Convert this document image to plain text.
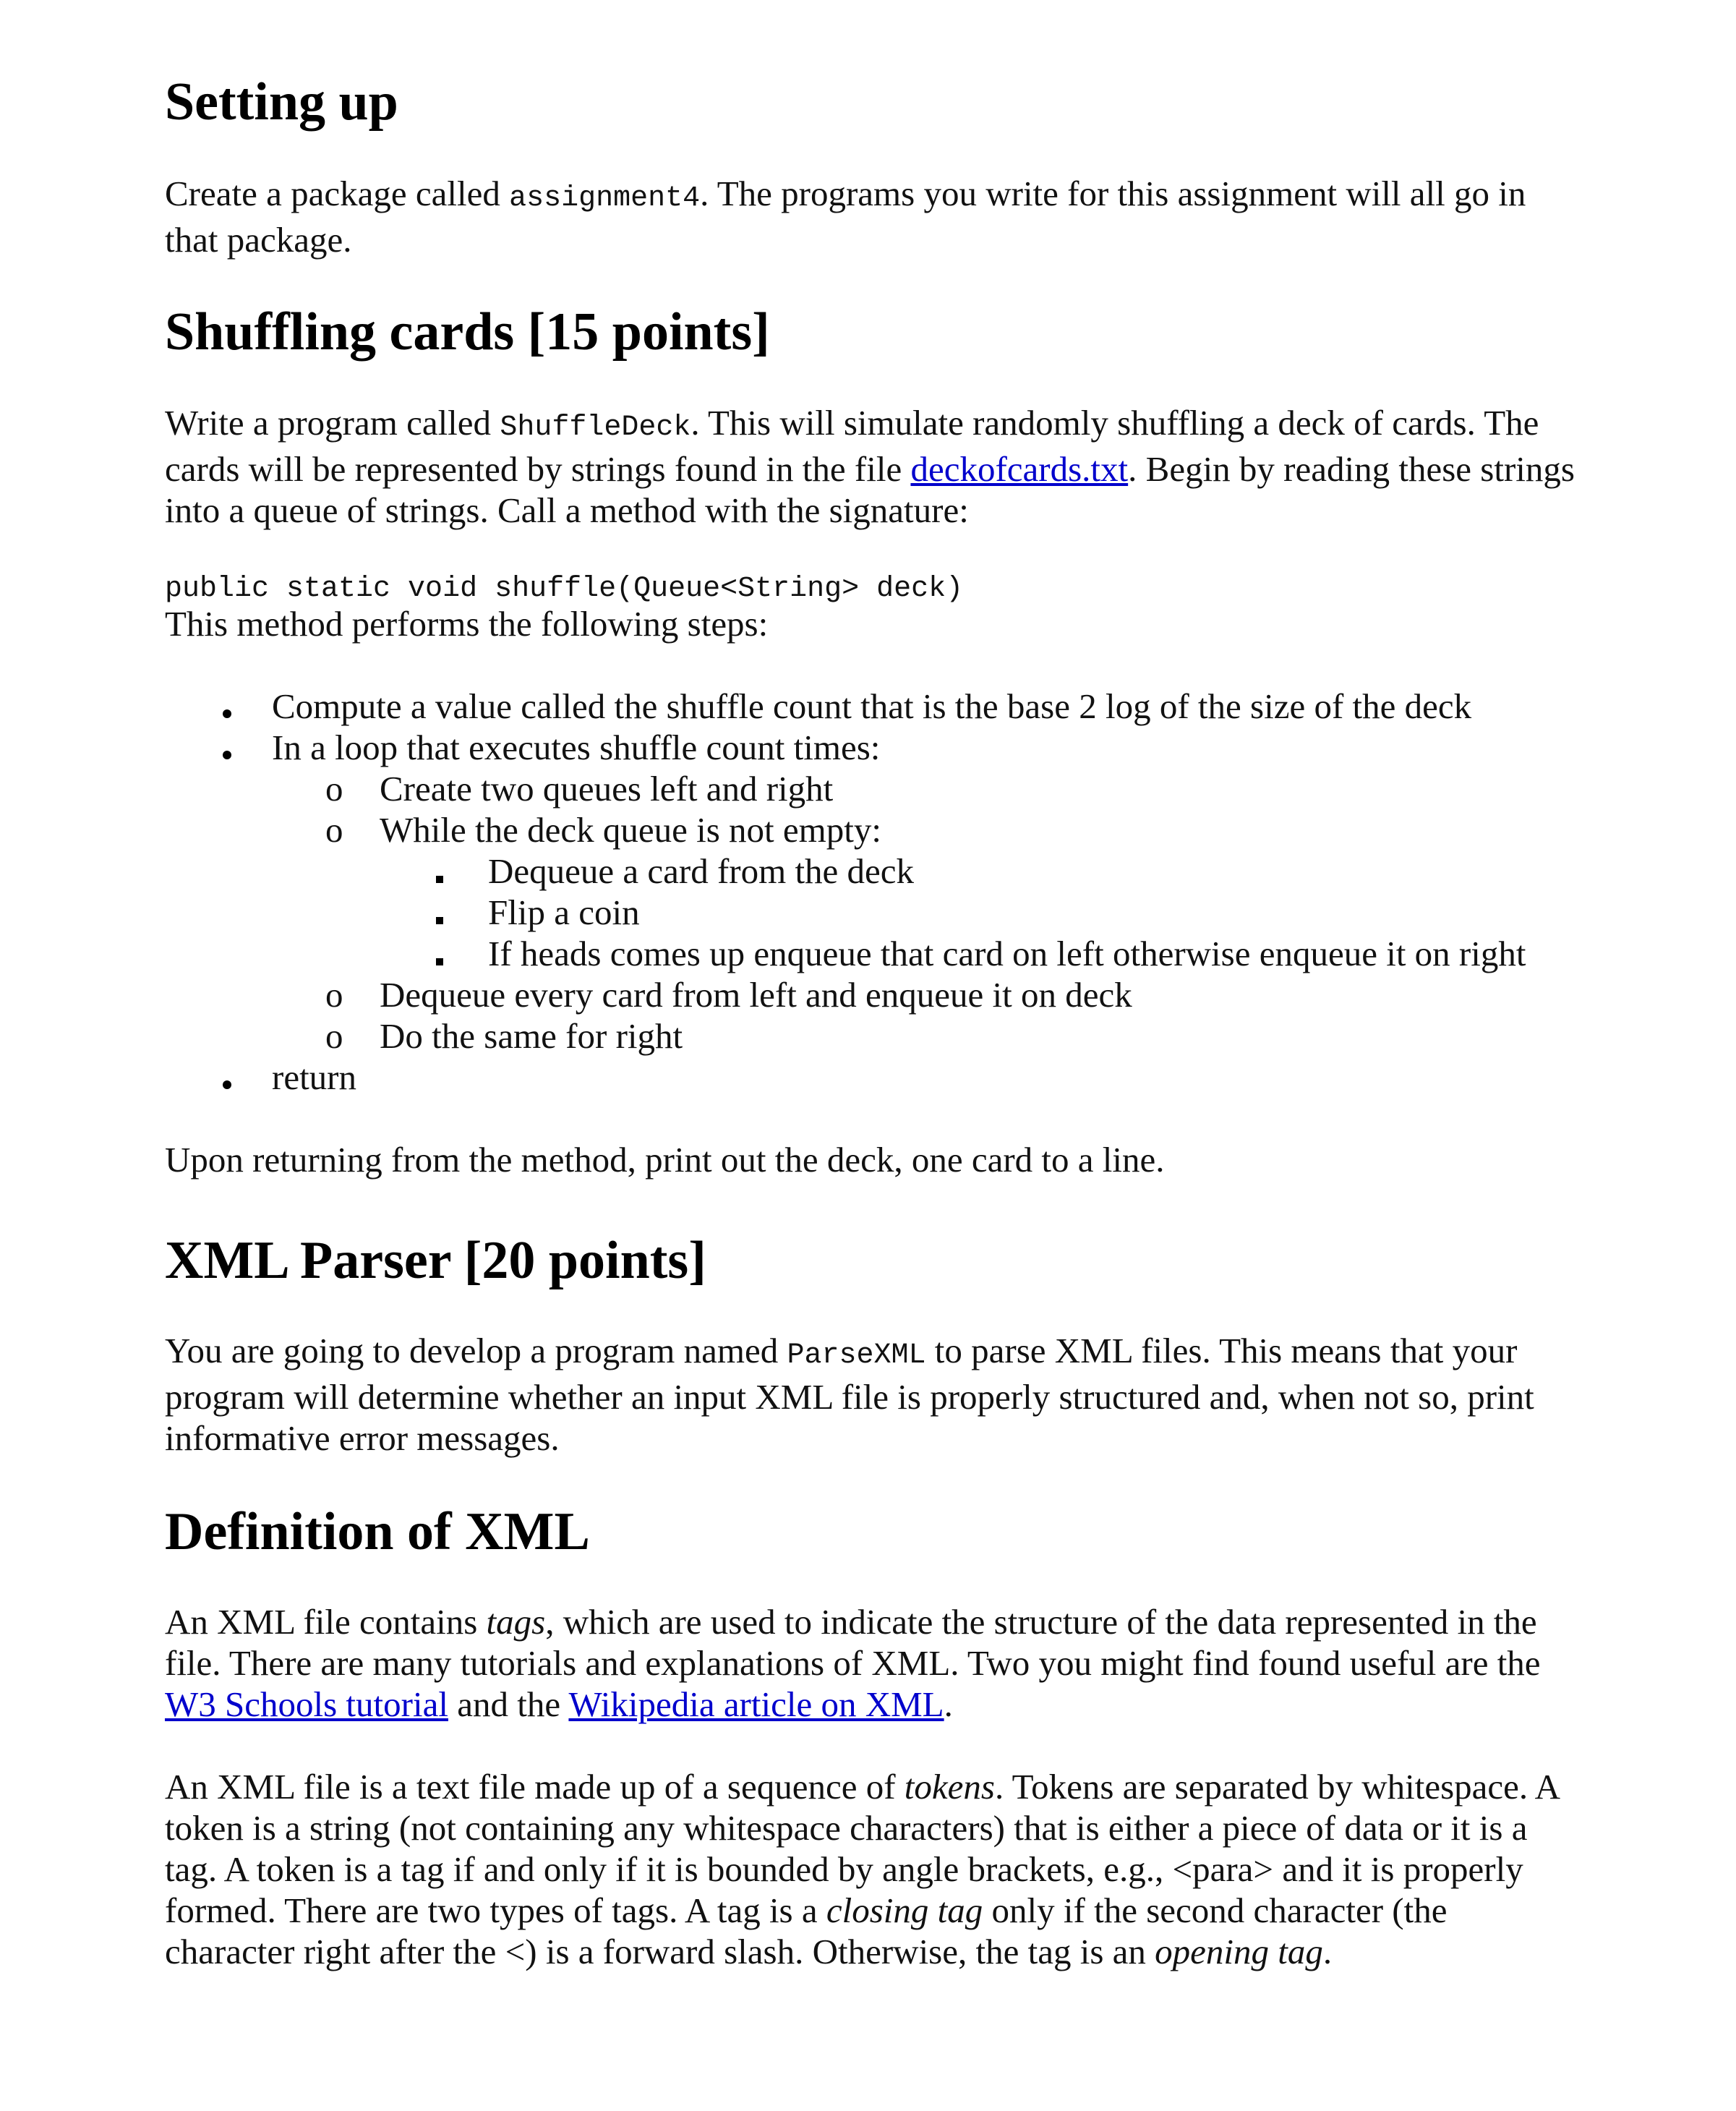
Setting up

Create a package called assignment4. The programs you write for this assignment will all go in that package.

Shuffling cards [15 points]

Write a program called ShuffleDeck. This will simulate randomly shuffling a deck of cards. The cards will be represented by strings found in the file deckofcards.txt. Begin by reading these strings into a queue of strings. Call a method with the signature:

public static void shuffle(Queue<String> deck)

This method performs the following steps:

Compute a value called the shuffle count that is the base 2 log of the size of the deck
In a loop that executes shuffle count times:
o Create two queues left and right
o While the deck queue is not empty:
Dequeue a card from the deck
Flip a coin
If heads comes up enqueue that card on left otherwise enqueue it on right
o Dequeue every card from left and enqueue it on deck
o Do the same for right
return

Upon returning from the method, print out the deck, one card to a line.

XML Parser [20 points]

You are going to develop a program named ParseXML to parse XML files. This means that your program will determine whether an input XML file is properly structured and, when not so, print informative error messages.

Definition of XML

An XML file contains tags, which are used to indicate the structure of the data represented in the file. There are many tutorials and explanations of XML. Two you might find found useful are the W3 Schools tutorial and the Wikipedia article on XML.

An XML file is a text file made up of a sequence of tokens. Tokens are separated by whitespace. A token is a string (not containing any whitespace characters) that is either a piece of data or it is a tag. A token is a tag if and only if it is bounded by angle brackets, e.g., <para> and it is properly formed. There are two types of tags. A tag is a closing tag only if the second character (the character right after the <) is a forward slash. Otherwise, the tag is an opening tag.
